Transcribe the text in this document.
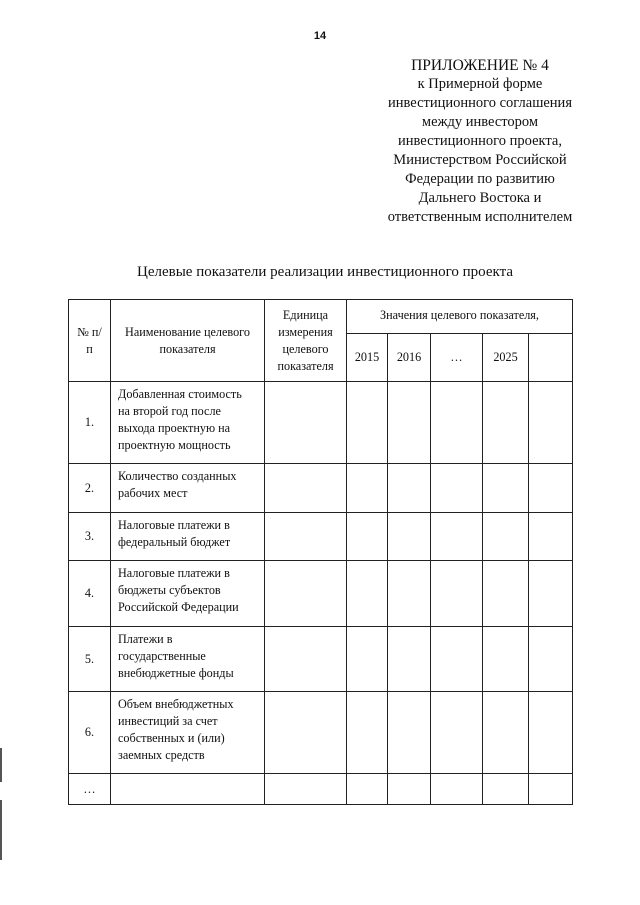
14
ПРИЛОЖЕНИЕ № 4
к Примерной форме
инвестиционного соглашения
между инвестором
инвестиционного проекта,
Министерством Российской
Федерации по развитию
Дальнего Востока и
ответственным исполнителем
Целевые показатели реализации инвестиционного проекта
№ п/п	Наименование целевого показателя	Единица измерения целевого показателя	Значения целевого показателя,				
			2015	2016	…	2025	
1.	Добавленная стоимость
на второй год после
выхода проектную на
проектную мощность						

2.	Количество созданных
рабочих мест						

3.	Налоговые платежи в
федеральный бюджет						

4.	Налоговые платежи в
бюджеты субъектов
Российской Федерации						

5.	Платежи в
государственные
внебюджетные фонды						

6.	Объем внебюджетных
инвестиций за счет
собственных и (или)
заемных средств						

…							
